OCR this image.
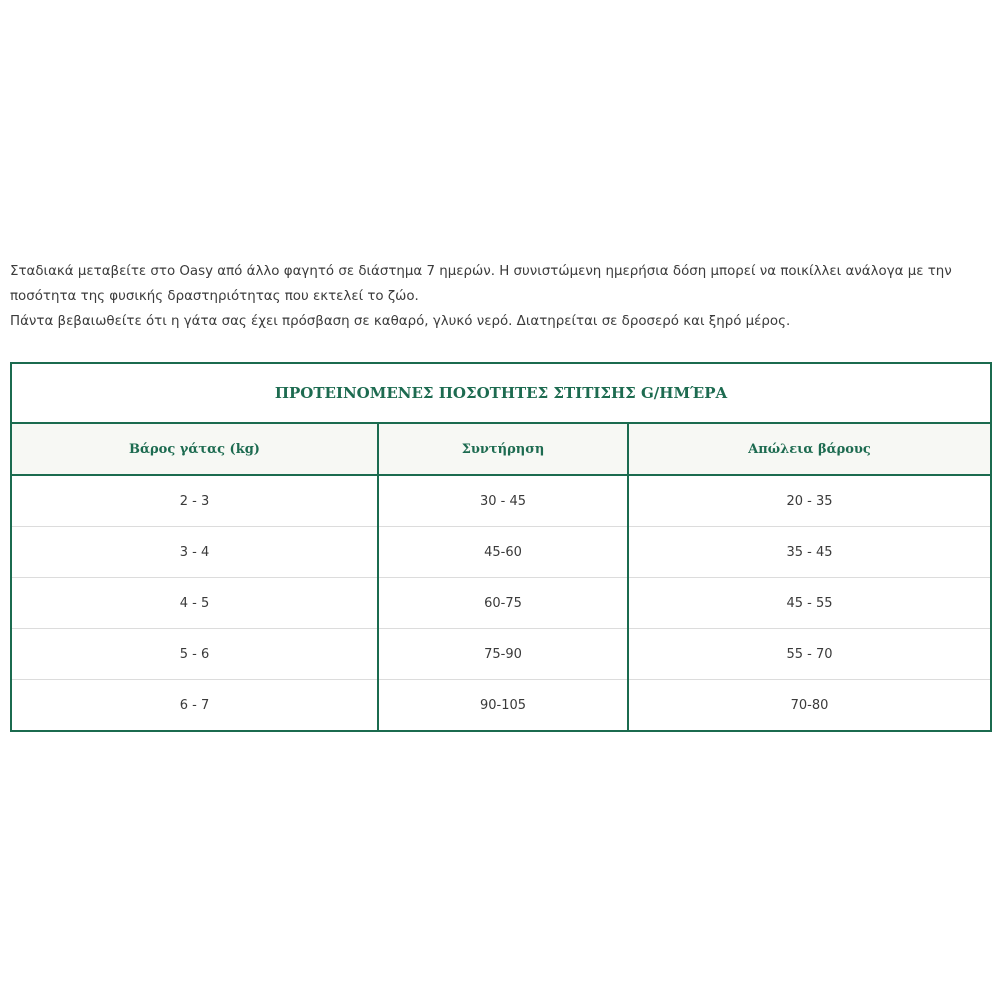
Σταδιακά μεταβείτε στο Oasy από άλλο φαγητό σε διάστημα 7 ημερών. Η συνιστώμενη ημερήσια δόση μπορεί να ποικίλλει ανάλογα με την ποσότητα της φυσικής δραστηριότητας που εκτελεί το ζώο.

Πάντα βεβαιωθείτε ότι η γάτα σας έχει πρόσβαση σε καθαρό, γλυκό νερό. Διατηρείται σε δροσερό και ξηρό μέρος.

ΠΡΟΤΕΙΝΟΜΕΝΕΣ ΠΟΣΟΤΗΤΕΣ ΣΤΙΤΙΣΗΣ G/ΗΜΈΡΑ		
Βάρος γάτας (kg)	Συντήρηση	Απώλεια βάρους
2 - 3	30 - 45	20 - 35
3 - 4	45-60	35 - 45
4 - 5	60-75	45 - 55
5 - 6	75-90	55 - 70
6 - 7	90-105	70-80
